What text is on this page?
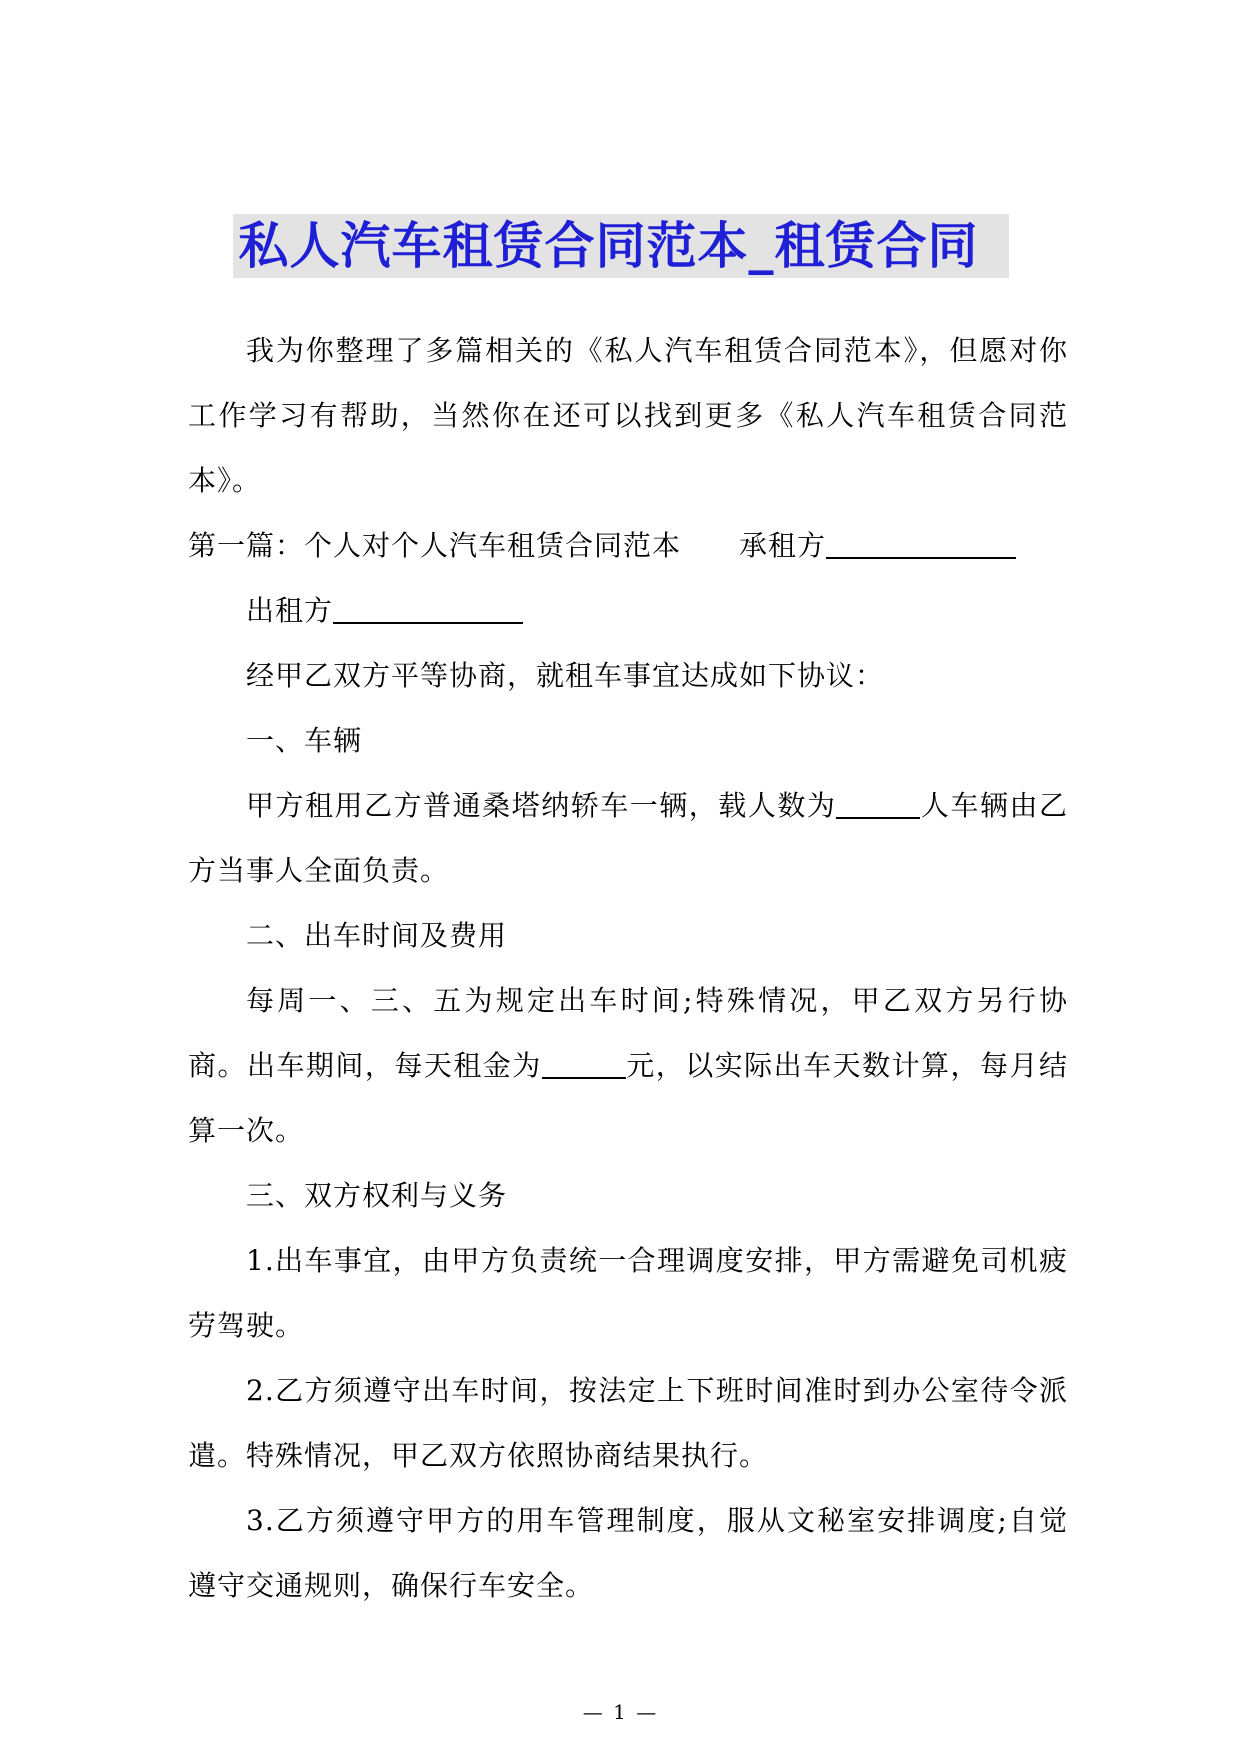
私人汽车租赁合同范本_租赁合同

我为你整理了多篇相关的《私人汽车租赁合同范本》，但愿对你工作学习有帮助，当然你在还可以找到更多《私人汽车租赁合同范本》。

第一篇：个人对个人汽车租赁合同范本 承租方

出租方

经甲乙双方平等协商，就租车事宜达成如下协议：

一、车辆

甲方租用乙方普通桑塔纳轿车一辆，载人数为	人车辆由乙方当事人全面负责。

二、出车时间及费用

每周一、三、五为规定出车时间;特殊情况，甲乙双方另行协商。出车期间，每天租金为	元，以实际出车天数计算，每月结算一次。

三、双方权利与义务

1.出车事宜，由甲方负责统一合理调度安排，甲方需避免司机疲劳驾驶。

2.乙方须遵守出车时间，按法定上下班时间准时到办公室待令派遣。特殊情况，甲乙双方依照协商结果执行。

3.乙方须遵守甲方的用车管理制度，服从文秘室安排调度;自觉遵守交通规则，确保行车安全。

— 1 —
